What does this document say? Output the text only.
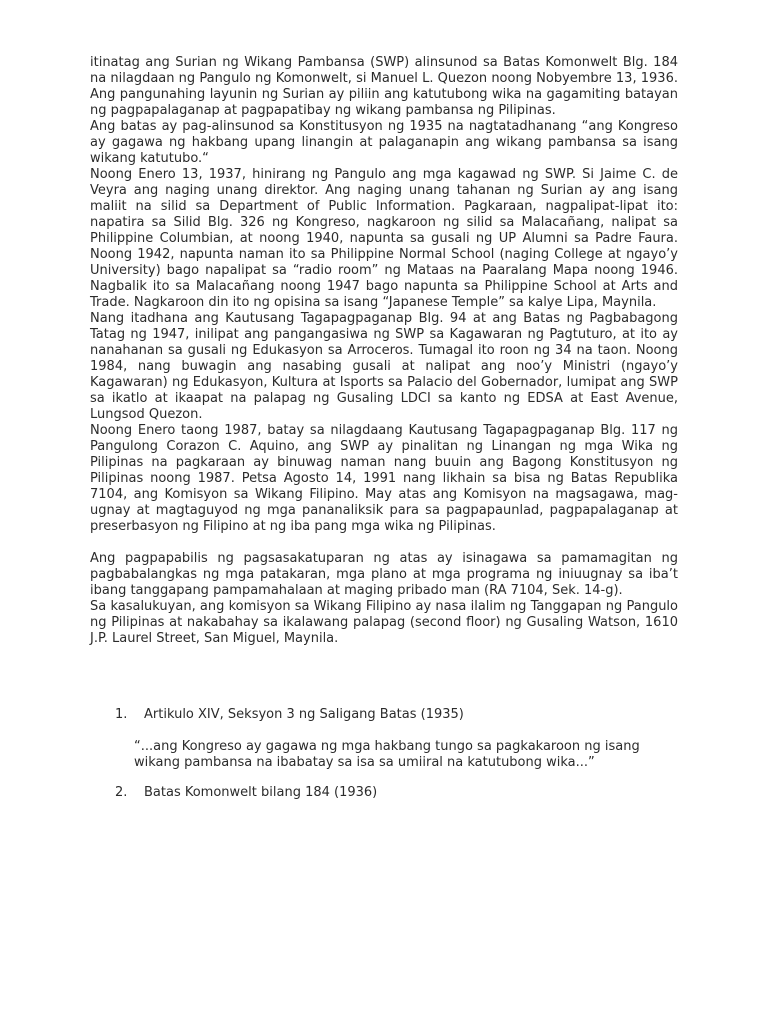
itinatag ang Surian ng Wikang Pambansa (SWP) alinsunod sa Batas Komonwelt Blg. 184 na nilagdaan ng Pangulo ng Komonwelt, si Manuel L. Quezon noong Nobyembre 13, 1936. Ang pangunahing layunin ng Surian ay piliin ang katutubong wika na gagamiting batayan ng pagpapalaganap at pagpapatibay ng wikang pambansa ng Pilipinas.

Ang batas ay pag-alinsunod sa Konstitusyon ng 1935 na nagtatadhanang “ang Kongreso ay gagawa ng hakbang upang linangin at palaganapin ang wikang pambansa sa isang wikang katutubo.“

Noong Enero 13, 1937, hinirang ng Pangulo ang mga kagawad ng SWP. Si Jaime C. de Veyra ang naging unang direktor. Ang naging unang tahanan ng Surian ay ang isang maliit na silid sa Department of Public Information. Pagkaraan, nagpalipat-lipat ito: napatira sa Silid Blg. 326 ng Kongreso, nagkaroon ng silid sa Malacañang, nalipat sa Philippine Columbian, at noong 1940, napunta sa gusali ng UP Alumni sa Padre Faura. Noong 1942, napunta naman ito sa Philippine Normal School (naging College at ngayo’y University) bago napalipat sa “radio room” ng Mataas na Paaralang Mapa noong 1946. Nagbalik ito sa Malacañang noong 1947 bago napunta sa Philippine School at Arts and Trade. Nagkaroon din ito ng opisina sa isang “Japanese Temple” sa kalye Lipa, Maynila.

Nang itadhana ang Kautusang Tagapagpaganap Blg. 94 at ang Batas ng Pagbabagong Tatag ng 1947, inilipat ang pangangasiwa ng SWP sa Kagawaran ng Pagtuturo, at ito ay nanahanan sa gusali ng Edukasyon sa Arroceros. Tumagal ito roon ng 34 na taon. Noong 1984, nang buwagin ang nasabing gusali at nalipat ang noo’y Ministri (ngayo’y Kagawaran) ng Edukasyon, Kultura at Isports sa Palacio del Gobernador, lumipat ang SWP sa ikatlo at ikaapat na palapag ng Gusaling LDCI sa kanto ng EDSA at East Avenue, Lungsod Quezon.

Noong Enero taong 1987, batay sa nilagdaang Kautusang Tagapagpaganap Blg. 117 ng Pangulong Corazon C. Aquino, ang SWP ay pinalitan ng Linangan ng mga Wika ng Pilipinas na pagkaraan ay binuwag naman nang buuin ang Bagong Konstitusyon ng Pilipinas noong 1987. Petsa Agosto 14, 1991 nang likhain sa bisa ng Batas Republika 7104, ang Komisyon sa Wikang Filipino. May atas ang Komisyon na magsagawa, mag-ugnay at magtaguyod ng mga pananaliksik para sa pagpapaunlad, pagpapalaganap at preserbasyon ng Filipino at ng iba pang mga wika ng Pilipinas.

Ang pagpapabilis ng pagsasakatuparan ng atas ay isinagawa sa pamamagitan ng pagbabalangkas ng mga patakaran, mga plano at mga programa ng iniuugnay sa iba’t ibang tanggapang pampamahalaan at maging pribado man (RA 7104, Sek. 14-g).

Sa kasalukuyan, ang komisyon sa Wikang Filipino ay nasa ilalim ng Tanggapan ng Pangulo ng Pilipinas at nakabahay sa ikalawang palapag (second floor) ng Gusaling Watson, 1610 J.P. Laurel Street, San Miguel, Maynila.

1. Artikulo XIV, Seksyon 3 ng Saligang Batas (1935)
“...ang Kongreso ay gagawa ng mga hakbang tungo sa pagkakaroon ng isang wikang pambansa na ibabatay sa isa sa umiiral na katutubong wika...”
2. Batas Komonwelt bilang 184 (1936)
